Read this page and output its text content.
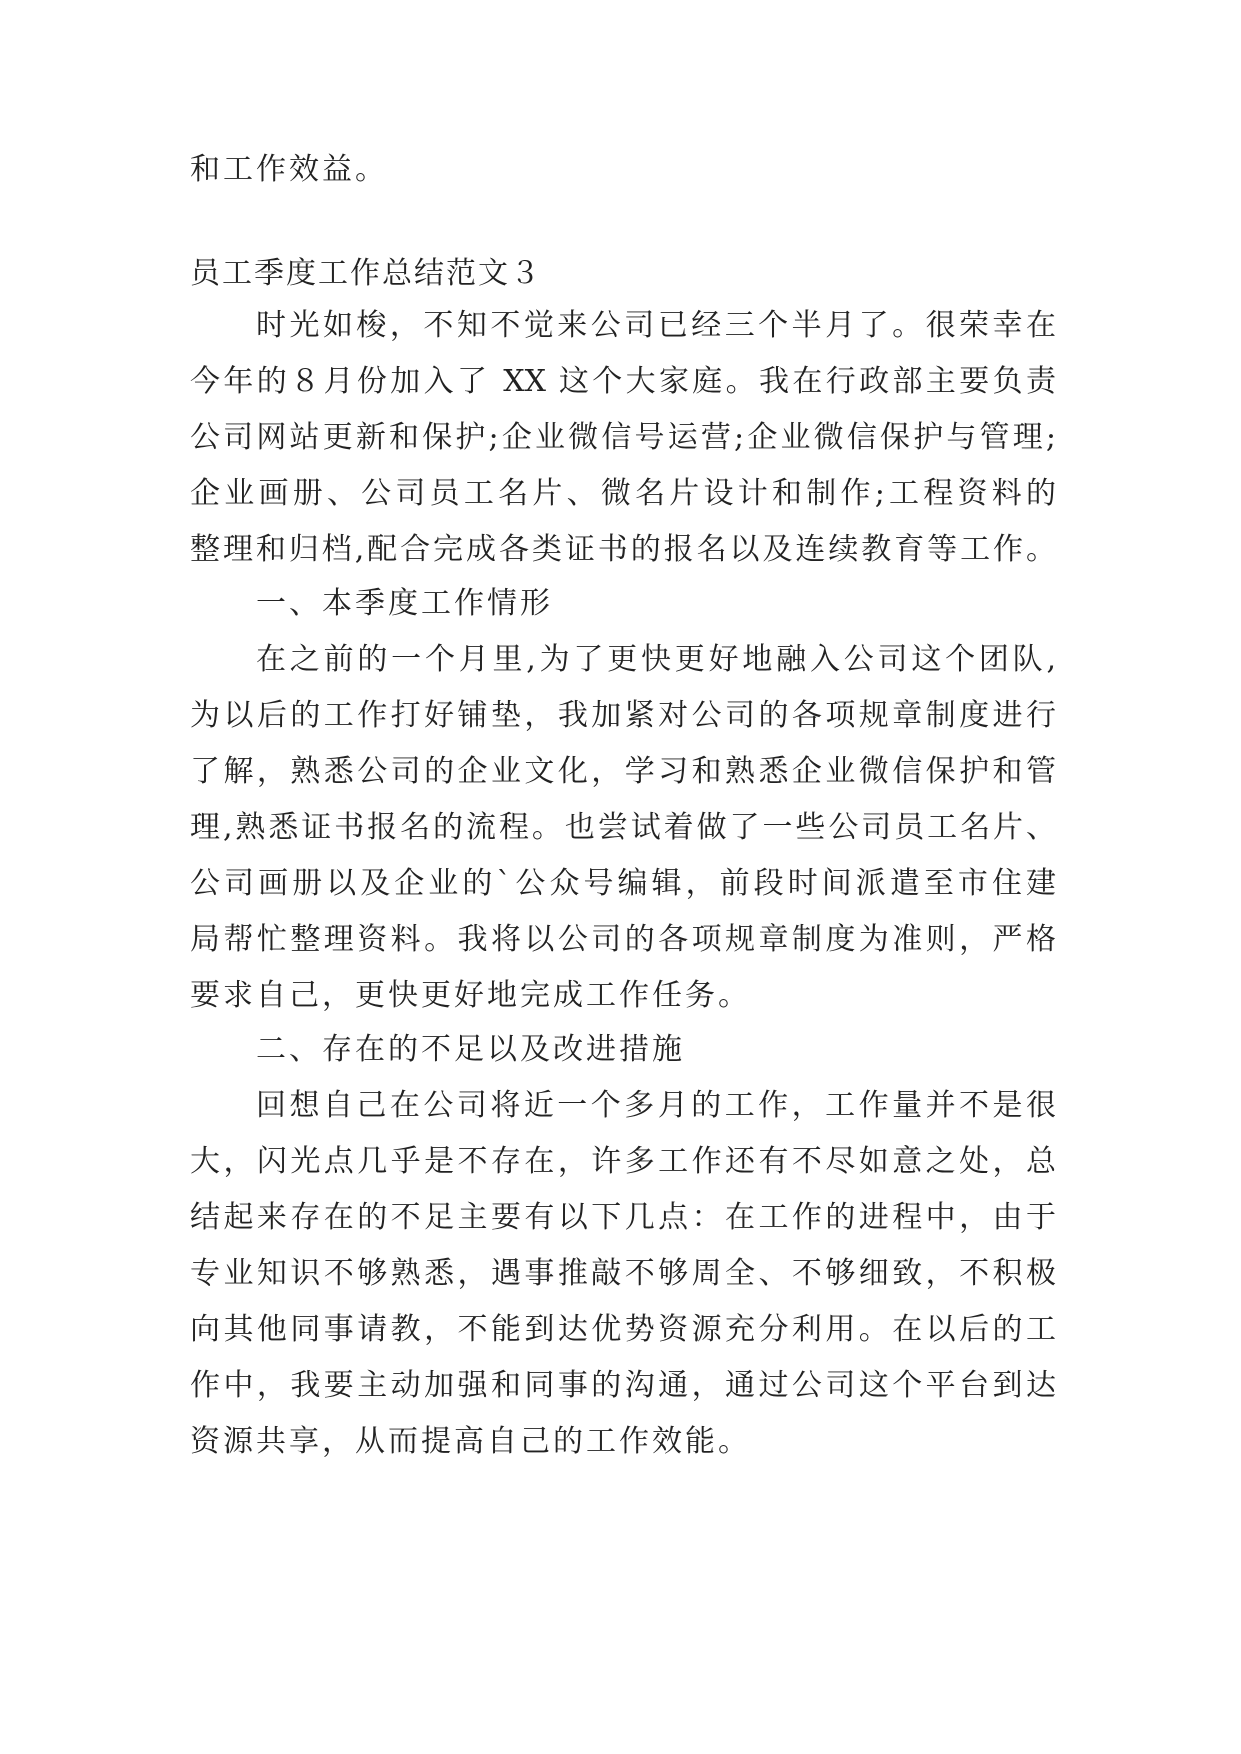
和工作效益。
员工季度工作总结范文３
时光如梭，不知不觉来公司已经三个半月了。很荣幸在
今年的８月份加入了 XX 这个大家庭。我在行政部主要负责
公司网站更新和保护;企业微信号运营;企业微信保护与管理;
企业画册、公司员工名片、微名片设计和制作;工程资料的
整理和归档,配合完成各类证书的报名以及连续教育等工作。
一、本季度工作情形
在之前的一个月里,为了更快更好地融入公司这个团队,
为以后的工作打好铺垫，我加紧对公司的各项规章制度进行
了解，熟悉公司的企业文化，学习和熟悉企业微信保护和管
理,熟悉证书报名的流程。也尝试着做了一些公司员工名片、
公司画册以及企业的`公众号编辑，前段时间派遣至市住建
局帮忙整理资料。我将以公司的各项规章制度为准则，严格
要求自己，更快更好地完成工作任务。
二、存在的不足以及改进措施
回想自己在公司将近一个多月的工作，工作量并不是很
大，闪光点几乎是不存在，许多工作还有不尽如意之处，总
结起来存在的不足主要有以下几点：在工作的进程中，由于
专业知识不够熟悉，遇事推敲不够周全、不够细致，不积极
向其他同事请教，不能到达优势资源充分利用。在以后的工
作中，我要主动加强和同事的沟通，通过公司这个平台到达
资源共享，从而提高自己的工作效能。
